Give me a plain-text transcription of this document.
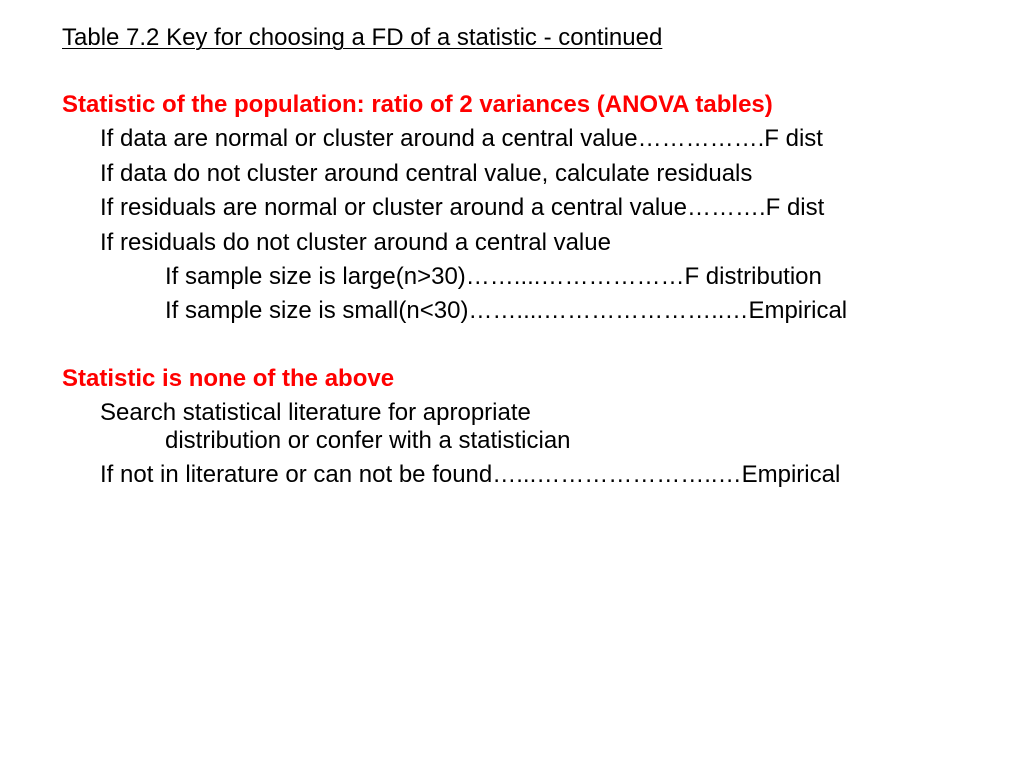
Table 7.2 Key for choosing a FD of a statistic - continued
Statistic of the population: ratio of 2 variances (ANOVA tables)
If data are normal or cluster around a central value…………….F dist
If data do not cluster around central value, calculate residuals
If residuals are normal or cluster around a central value……….F dist
If residuals do not cluster around a central value
If sample size is large(n>30)……....………………F distribution
If sample size is small(n<30)……....…………………..…Empirical
Statistic is none of the above
Search statistical literature for apropriate
distribution or confer with a statistician
If not in literature or can not be found…...…………………..…Empirical
